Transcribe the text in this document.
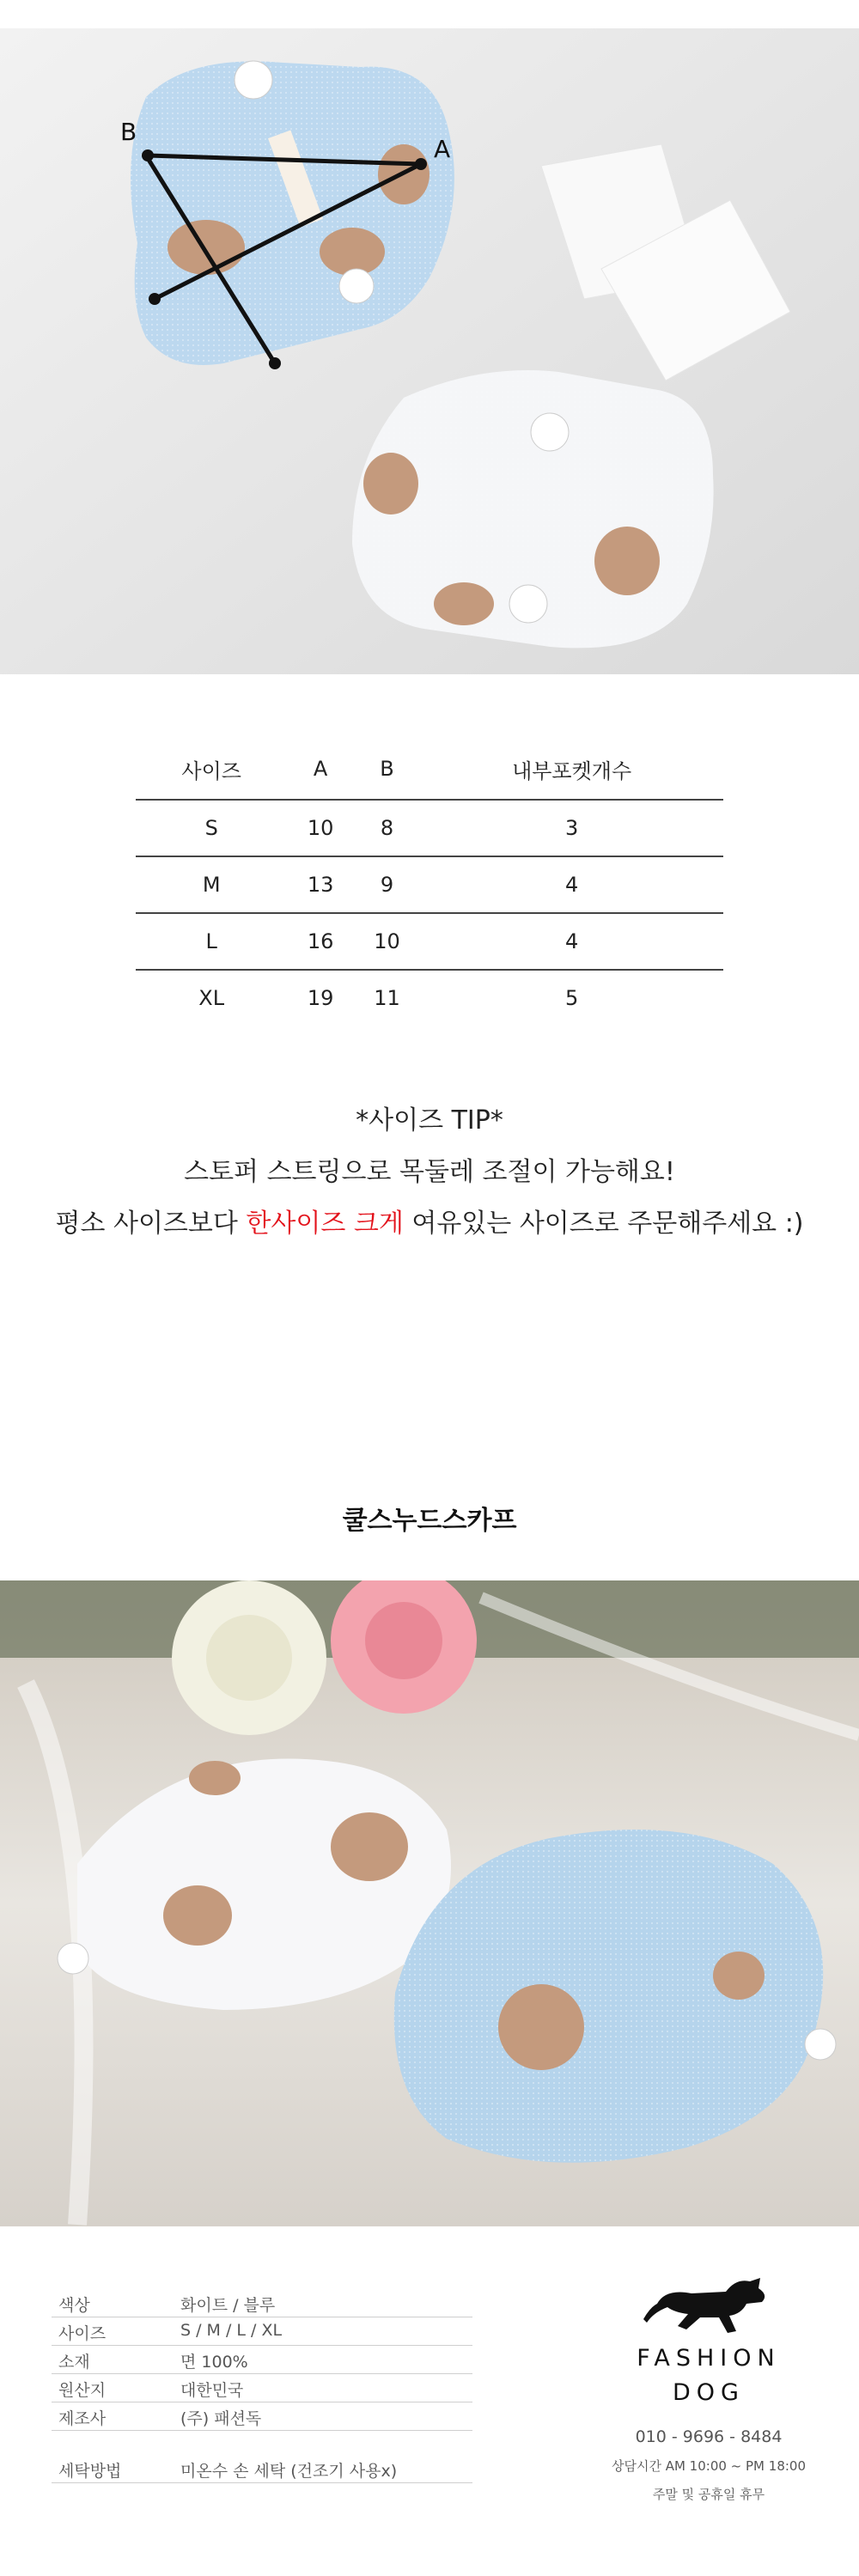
B
A
사이즈	A	B	내부포켓개수
S	10	8	3
M	13	9	4
L	16	10	4
XL	19	11	5
*사이즈 TIP*
스토퍼 스트링으로 목둘레 조절이 가능해요!
평소 사이즈보다 한사이즈 크게 여유있는 사이즈로 주문해주세요 :)
쿨스누드스카프
색상	화이트 / 블루
사이즈	S / M / L / XL
소재	면 100%
원산지	대한민국
제조사	(주) 패션독
세탁방법	미온수 손 세탁 (건조기 사용x)
FASHION
DOG
010 - 9696 - 8484
상담시간 AM 10:00 ~ PM 18:00
주말 및 공휴일 휴무
